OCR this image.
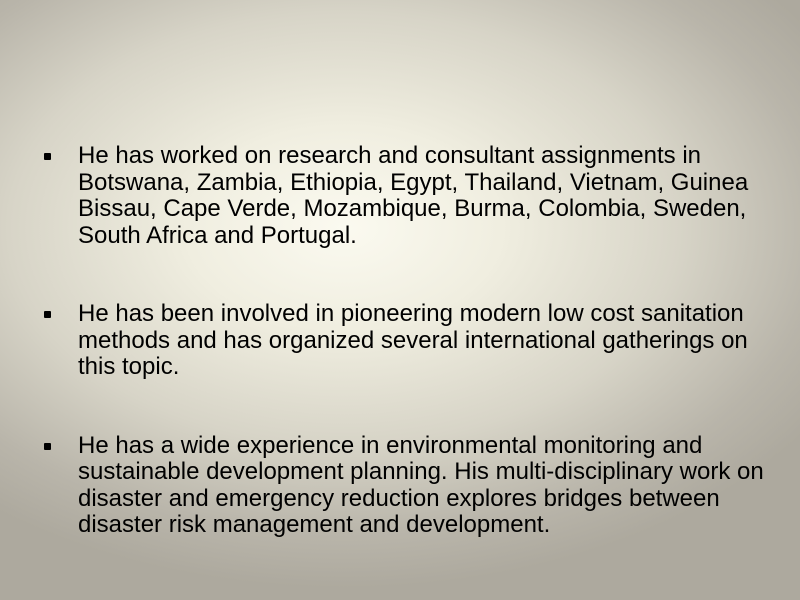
He has worked on research and consultant assignments in Botswana, Zambia, Ethiopia, Egypt, Thailand, Vietnam, Guinea Bissau, Cape Verde, Mozambique, Burma, Colombia, Sweden, South Africa and Portugal.
He has been involved in pioneering modern low cost sanitation methods and has organized several international gatherings on this topic.
He has a wide experience in environmental monitoring and sustainable development planning. His multi-disciplinary work on disaster and emergency reduction explores bridges between disaster risk management and development.
